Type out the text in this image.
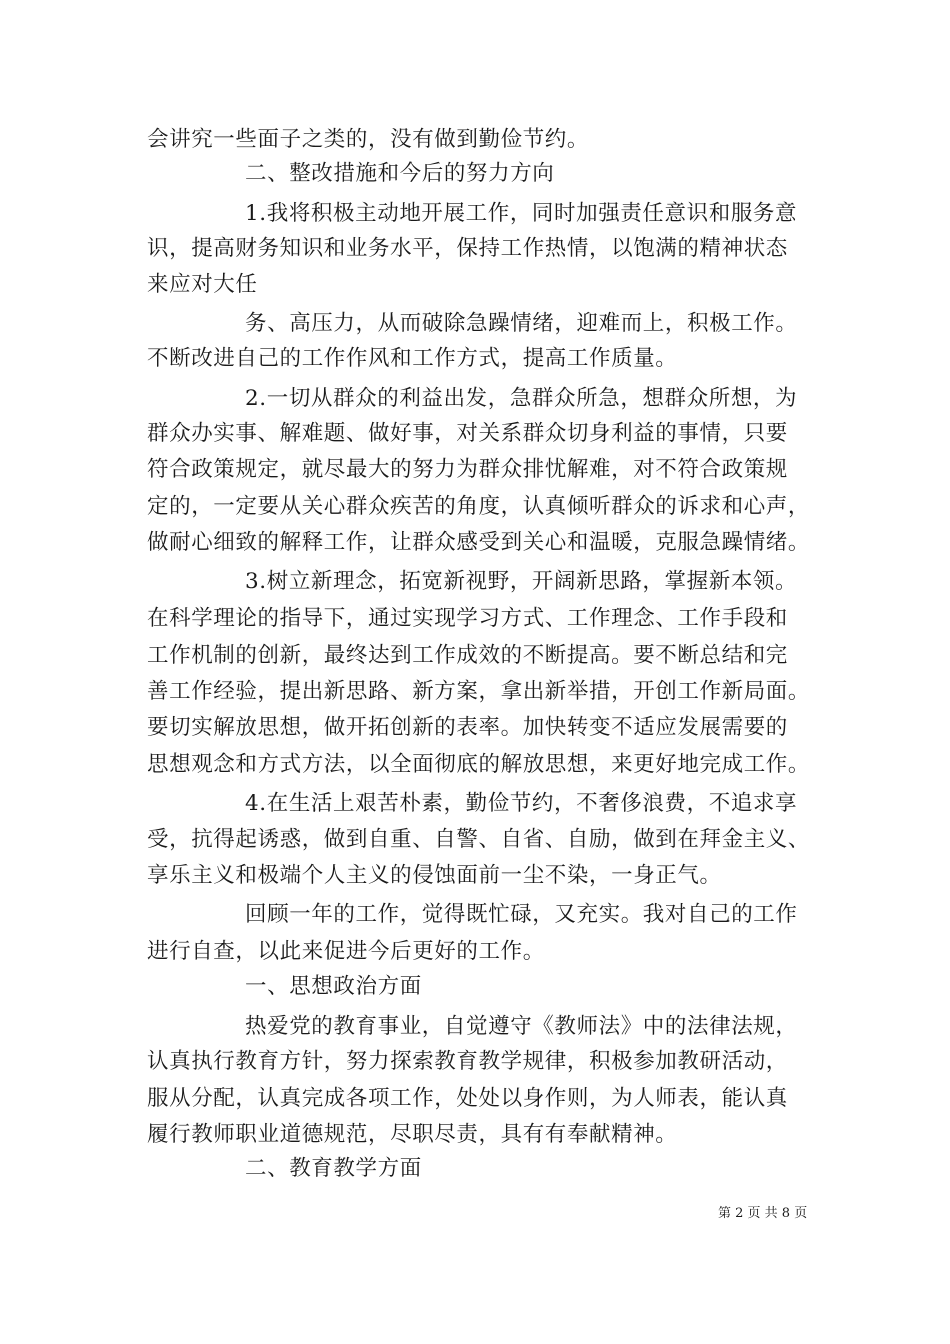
会讲究一些面子之类的，没有做到勤俭节约。
二、整改措施和今后的努力方向
1.我将积极主动地开展工作，同时加强责任意识和服务意
识，提高财务知识和业务水平，保持工作热情，以饱满的精神状态
来应对大任
务、高压力，从而破除急躁情绪，迎难而上，积极工作。
不断改进自己的工作作风和工作方式，提高工作质量。
2.一切从群众的利益出发，急群众所急，想群众所想，为
群众办实事、解难题、做好事，对关系群众切身利益的事情，只要
符合政策规定，就尽最大的努力为群众排忧解难，对不符合政策规
定的，一定要从关心群众疾苦的角度，认真倾听群众的诉求和心声，
做耐心细致的解释工作，让群众感受到关心和温暖，克服急躁情绪。
3.树立新理念，拓宽新视野，开阔新思路，掌握新本领。
在科学理论的指导下，通过实现学习方式、工作理念、工作手段和
工作机制的创新，最终达到工作成效的不断提高。要不断总结和完
善工作经验，提出新思路、新方案，拿出新举措，开创工作新局面。
要切实解放思想，做开拓创新的表率。加快转变不适应发展需要的
思想观念和方式方法，以全面彻底的解放思想，来更好地完成工作。
4.在生活上艰苦朴素，勤俭节约，不奢侈浪费，不追求享
受，抗得起诱惑，做到自重、自警、自省、自励，做到在拜金主义、
享乐主义和极端个人主义的侵蚀面前一尘不染，一身正气。
回顾一年的工作，觉得既忙碌，又充实。我对自己的工作
进行自查，以此来促进今后更好的工作。
一、思想政治方面
热爱党的教育事业，自觉遵守《教师法》中的法律法规，
认真执行教育方针，努力探索教育教学规律，积极参加教研活动，
服从分配，认真完成各项工作，处处以身作则，为人师表，能认真
履行教师职业道德规范，尽职尽责，具有有奉献精神。
二、教育教学方面
第 2 页 共 8 页
